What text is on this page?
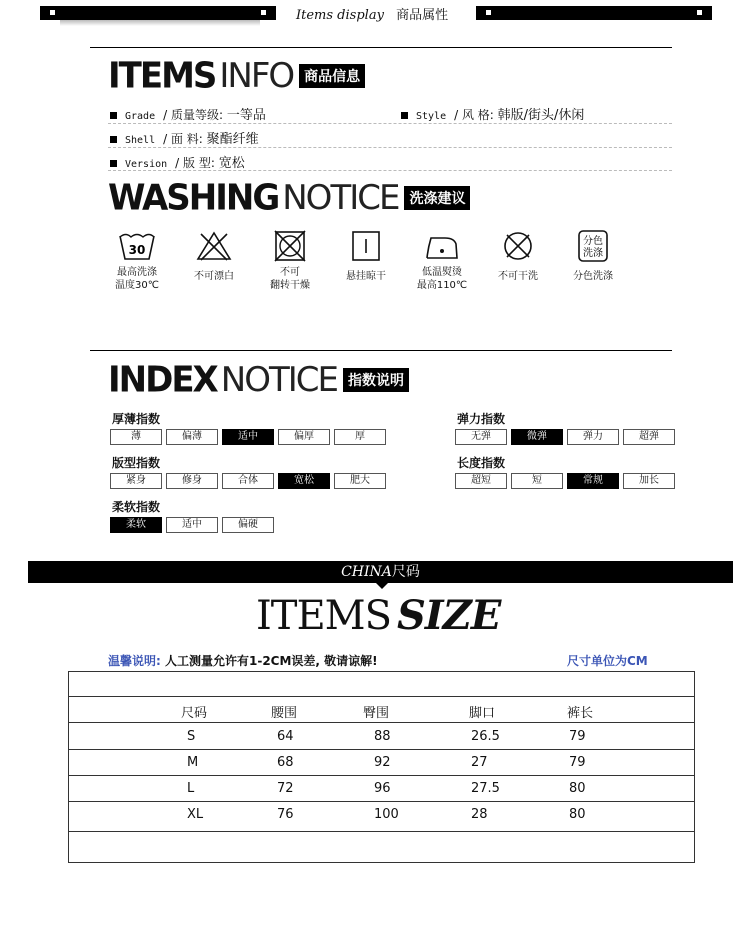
Items display 商品属性
ITEMS INFO 商品信息
Grade / 质量等级: 一等品	Style / 风 格: 韩版/街头/休闲
Shell / 面 料: 聚酯纤维
Version / 版 型: 宽松
WASHING NOTICE 洗涤建议
30
最高洗涤
温度30℃
不可漂白	不可
翻转干燥
悬挂晾干	低温熨烫
最高110℃
不可干洗
分色
洗涤
分色洗涤
INDEX NOTICE 指数说明
厚薄指数
薄	偏薄	适中	偏厚	厚
弹力指数
无弹	微弹	弹力	超弹
版型指数
紧身	修身	合体	宽松	肥大
长度指数
超短	短	常规	加长
柔软指数
柔软	适中	偏硬
CHINA尺码
ITEMS SIZE
温馨说明: 人工测量允许有1-2CM误差, 敬请谅解!	尺寸单位为CM
尺码	腰围	臀围	脚口	裤长
S	64	88	26.5	79
M	68	92	27	79
L	72	96	27.5	80
XL	76	100	28	80
